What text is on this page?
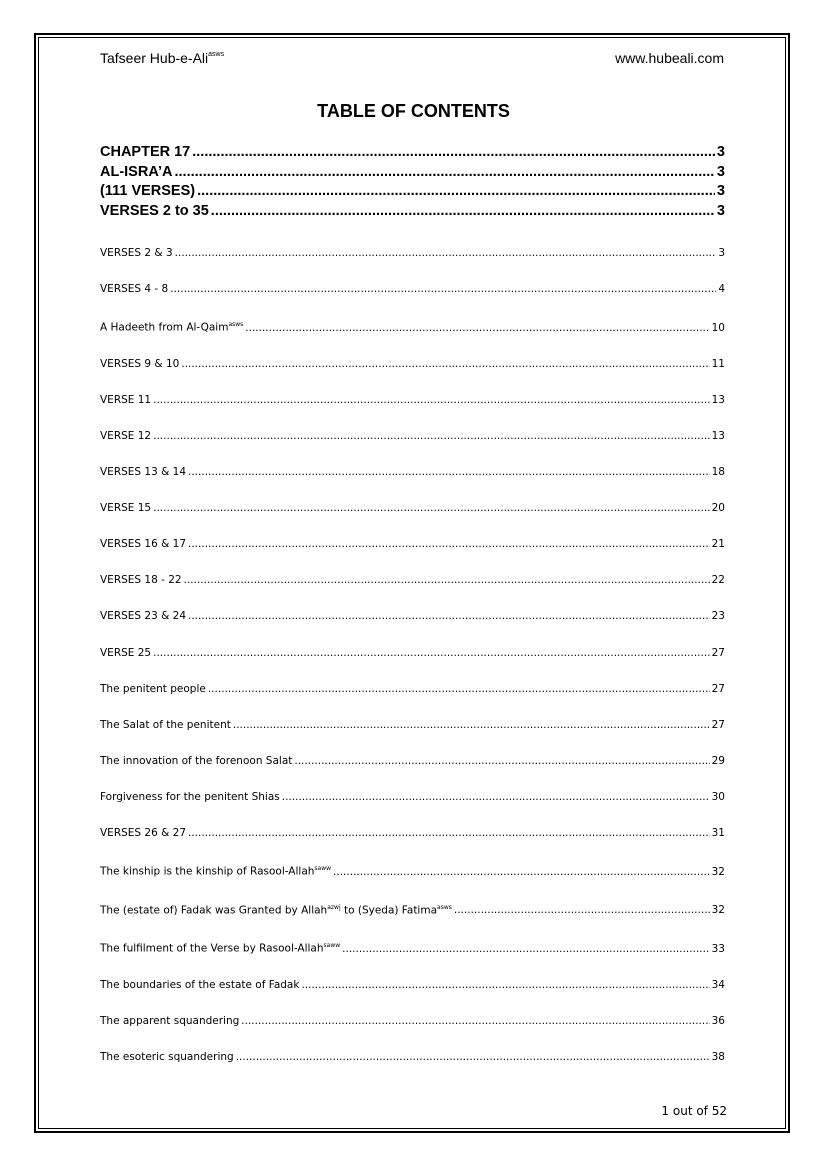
Tafseer Hub-e-Ali$^{asws}$	www.hubeali.com
TABLE OF CONTENTS
CHAPTER 17 .....	3
AL-ISRA’A .....	3
(111 VERSES) .....	3
VERSES 2 to 35 .....	3
VERSES 2 & 3 .....	3
VERSES 4 - 8 .....	4
A Hadeeth from Al-Qaim$^{asws}$ .....	10
VERSES 9 & 10 .....	11
VERSE 11 .....	13
VERSE 12 .....	13
VERSES 13 & 14 .....	18
VERSE 15 .....	20
VERSES 16 & 17 .....	21
VERSES 18 - 22 .....	22
VERSES 23 & 24 .....	23
VERSE 25 .....	27
The penitent people .....	27
The Salat of the penitent .....	27
The innovation of the forenoon Salat .....	29
Forgiveness for the penitent Shias .....	30
VERSES 26 & 27 .....	31
The kinship is the kinship of Rasool-Allah$^{saww}$ .....	32
The (estate of) Fadak was Granted by Allah$^{azwj}$ to (Syeda) Fatima$^{asws}$ .....	32
The fulfilment of the Verse by Rasool-Allah$^{saww}$ .....	33
The boundaries of the estate of Fadak .....	34
The apparent squandering .....	36
The esoteric squandering .....	38
1 out of 52
